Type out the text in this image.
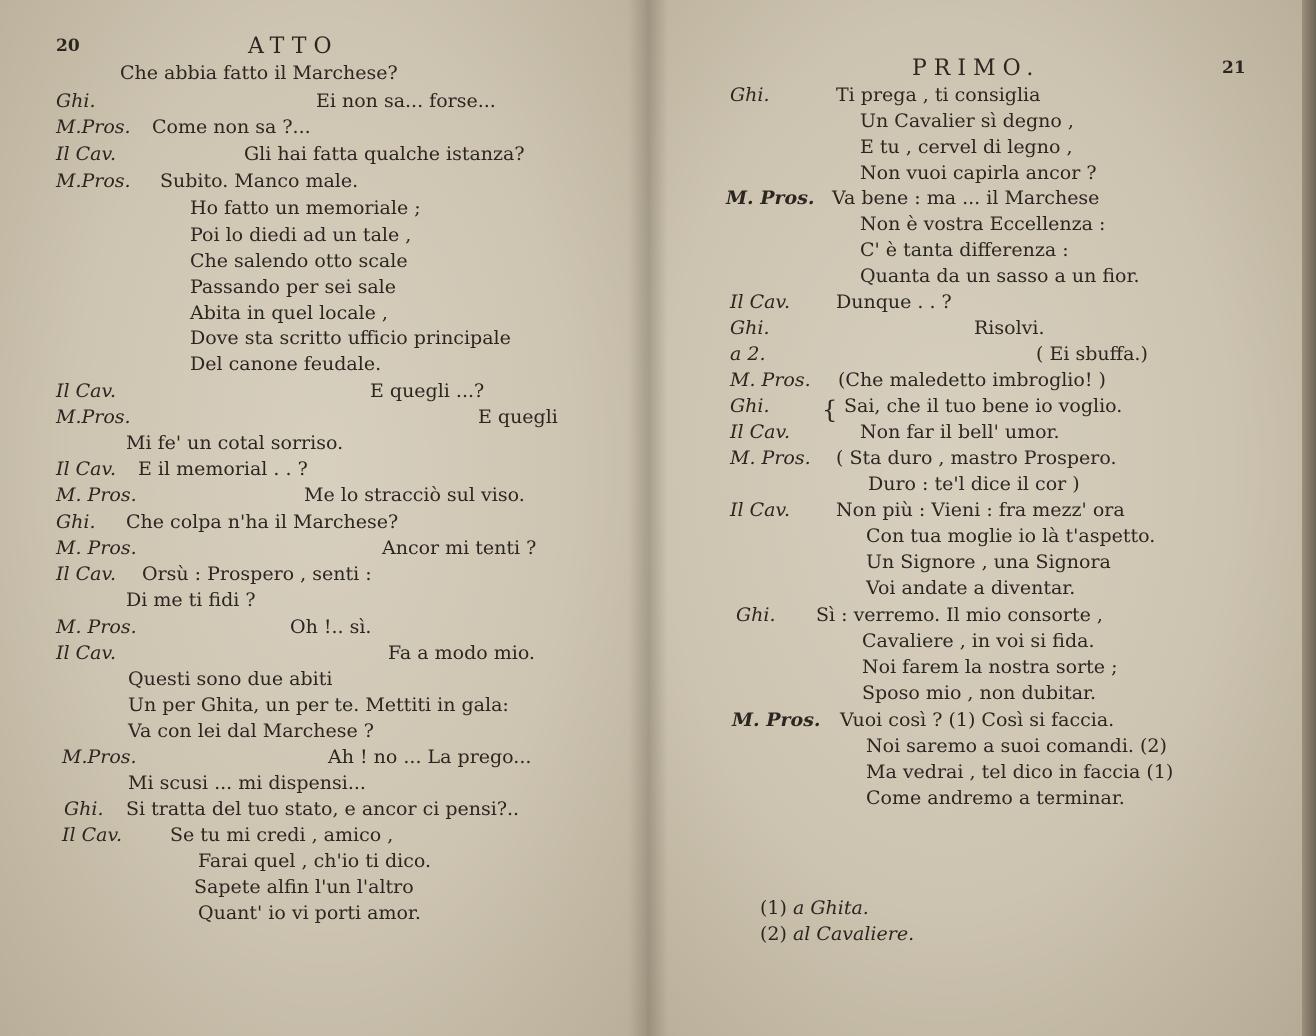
20	ATTO
Che abbia fatto il Marchese?
Ghi.	Ei non sa... forse...
M.Pros. Come non sa ?...
Il Cav.	Gli hai fatta qualche istanza?
M.Pros. Subito. Manco male.
Ho fatto un memoriale ;
Poi lo diedi ad un tale ,
Che salendo otto scale
Passando per sei sale
Abita in quel locale ,
Dove sta scritto ufficio principale
Del canone feudale.
Il Cav.	E quegli ...?
M.Pros.	E quegli
Mi fe' un cotal sorriso.
Il Cav. E il memorial . . ?
M. Pros.	Me lo stracciò sul viso.
Ghi. Che colpa n'ha il Marchese?
M. Pros.	Ancor mi tenti ?
Il Cav. Orsù : Prospero , senti :
Di me ti fidi ?
M. Pros.	Oh !.. sì.
Il Cav.	Fa a modo mio.
Questi sono due abiti
Un per Ghita, un per te. Mettiti in gala:
Va con lei dal Marchese ?
M.Pros.	Ah ! no ... La prego...
Mi scusi ... mi dispensi...
Ghi. Si tratta del tuo stato, e ancor ci pensi?..
Il Cav.	Se tu mi credi , amico ,
Farai quel , ch'io ti dico.
Sapete alfin l'un l'altro
Quant' io vi porti amor.
PRIMO.	21
Ghi.	Ti prega , ti consiglia
Un Cavalier sì degno ,
E tu , cervel di legno ,
Non vuoi capirla ancor ?
M. Pros. Va bene : ma ... il Marchese
Non è vostra Eccellenza :
C' è tanta differenza :
Quanta da un sasso a un fior.
Il Cav. Dunque . . ?
Ghi.	Risolvi.
a 2.	( Ei sbuffa.)
M. Pros. (Che maledetto imbroglio! )
Ghi.	Sai, che il tuo bene io voglio.
Il Cav.	Non far il bell' umor.
{
M. Pros. ( Sta duro , mastro Prospero.
Duro : te'l dice il cor )
Il Cav. Non più : Vieni : fra mezz' ora
Con tua moglie io là t'aspetto.
Un Signore , una Signora
Voi andate a diventar.
Ghi. Sì : verremo. Il mio consorte ,
Cavaliere , in voi si fida.
Noi farem la nostra sorte ;
Sposo mio , non dubitar.
M. Pros. Vuoi così ? (1) Così si faccia.
Noi saremo a suoi comandi. (2)
Ma vedrai , tel dico in faccia (1)
Come andremo a terminar.
(1) a Ghita.
(2) al Cavaliere.
